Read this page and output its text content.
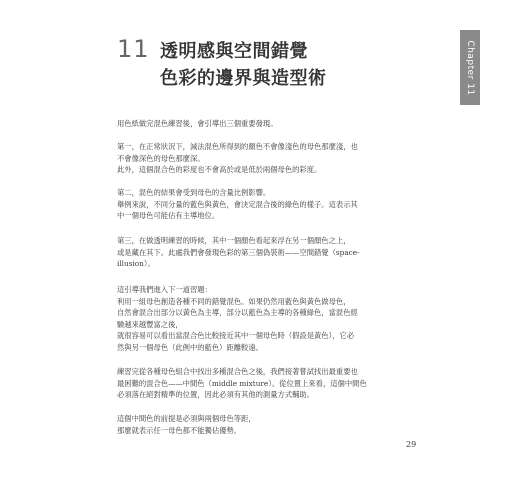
11 透明感與空間錯覺
色彩的邊界與造型術	Chapter 11
用色紙做完混色練習後，會引導出三個重要發現。
第一，在正常狀況下，減法混色所得到的顏色不會像淺色的母色那麼淺，也
不會像深色的母色那麼深。
此外，這個混合色的彩度也不會高於或是低於兩個母色的彩度。
第二，混色的結果會受到母色的含量比例影響。
舉例來說，不同分量的藍色與黃色，會決定混合後的綠色的樣子。這表示其
中一個母色可能佔有主導地位。
第三，在做透明練習的時候，其中一個顏色看起來浮在另一個顏色之上，
或是藏在其下。此處我們會發現色彩的第三個偽裝術——空間錯覺（space-
illusion）。
這引導我們進入下一道習題：
利用一組母色創造各種不同的錯覺混色。如果仍然用藍色與黃色做母色，
自然會混合出部分以黃色為主導，部分以藍色為主導的各種綠色，當混色經
驗越來越豐富之後，
就很容易可以看出當混合色比較接近其中一個母色時（假設是黃色），它必
然與另一個母色（此例中的藍色）距離較遠。
練習完從各種母色組合中找出多種混合色之後，我們接著嘗試找出最重要也
最困難的混合色——中間色（middle mixture）。從位置上來看，這個中間色
必須落在絕對精準的位置，因此必須有其他的測量方式輔助。
這個中間色的前提是必須與兩個母色等距，
那麼就表示任一母色都不能獨佔優勢。
29
